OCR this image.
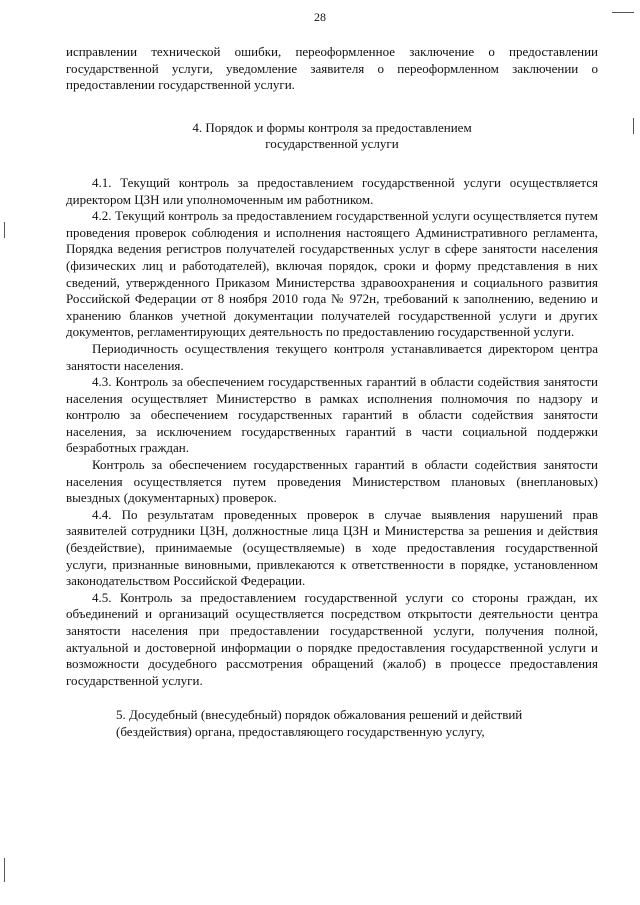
28

исправлении технической ошибки, переоформленное заключение о предоставлении государственной услуги, уведомление заявителя о переоформленном заключении о предоставлении государственной услуги.

4. Порядок и формы контроля за предоставлением
государственной услуги

4.1. Текущий контроль за предоставлением государственной услуги осуществляется директором ЦЗН или уполномоченным им работником.

4.2. Текущий контроль за предоставлением государственной услуги осуществляется путем проведения проверок соблюдения и исполнения настоящего Административного регламента, Порядка ведения регистров получателей государственных услуг в сфере занятости населения (физических лиц и работодателей), включая порядок, сроки и форму представления в них сведений, утвержденного Приказом Министерства здравоохранения и социального развития Российской Федерации от 8 ноября 2010 года № 972н, требований к заполнению, ведению и хранению бланков учетной документации получателей государственной услуги и других документов, регламентирующих деятельность по предоставлению государственной услуги.

Периодичность осуществления текущего контроля устанавливается директором центра занятости населения.

4.3. Контроль за обеспечением государственных гарантий в области содействия занятости населения осуществляет Министерство в рамках исполнения полномочия по надзору и контролю за обеспечением государственных гарантий в области содействия занятости населения, за исключением государственных гарантий в части социальной поддержки безработных граждан.

Контроль за обеспечением государственных гарантий в области содействия занятости населения осуществляется путем проведения Министерством плановых (внеплановых) выездных (документарных) проверок.

4.4. По результатам проведенных проверок в случае выявления нарушений прав заявителей сотрудники ЦЗН, должностные лица ЦЗН и Министерства за решения и действия (бездействие), принимаемые (осуществляемые) в ходе предоставления государственной услуги, признанные виновными, привлекаются к ответственности в порядке, установленном законодательством Российской Федерации.

4.5. Контроль за предоставлением государственной услуги со стороны граждан, их объединений и организаций осуществляется посредством открытости деятельности центра занятости населения при предоставлении государственной услуги, получения полной, актуальной и достоверной информации о порядке предоставления государственной услуги и возможности досудебного рассмотрения обращений (жалоб) в процессе предоставления государственной услуги.

5. Досудебный (внесудебный) порядок обжалования решений и действий
(бездействия) органа, предоставляющего государственную услугу,
